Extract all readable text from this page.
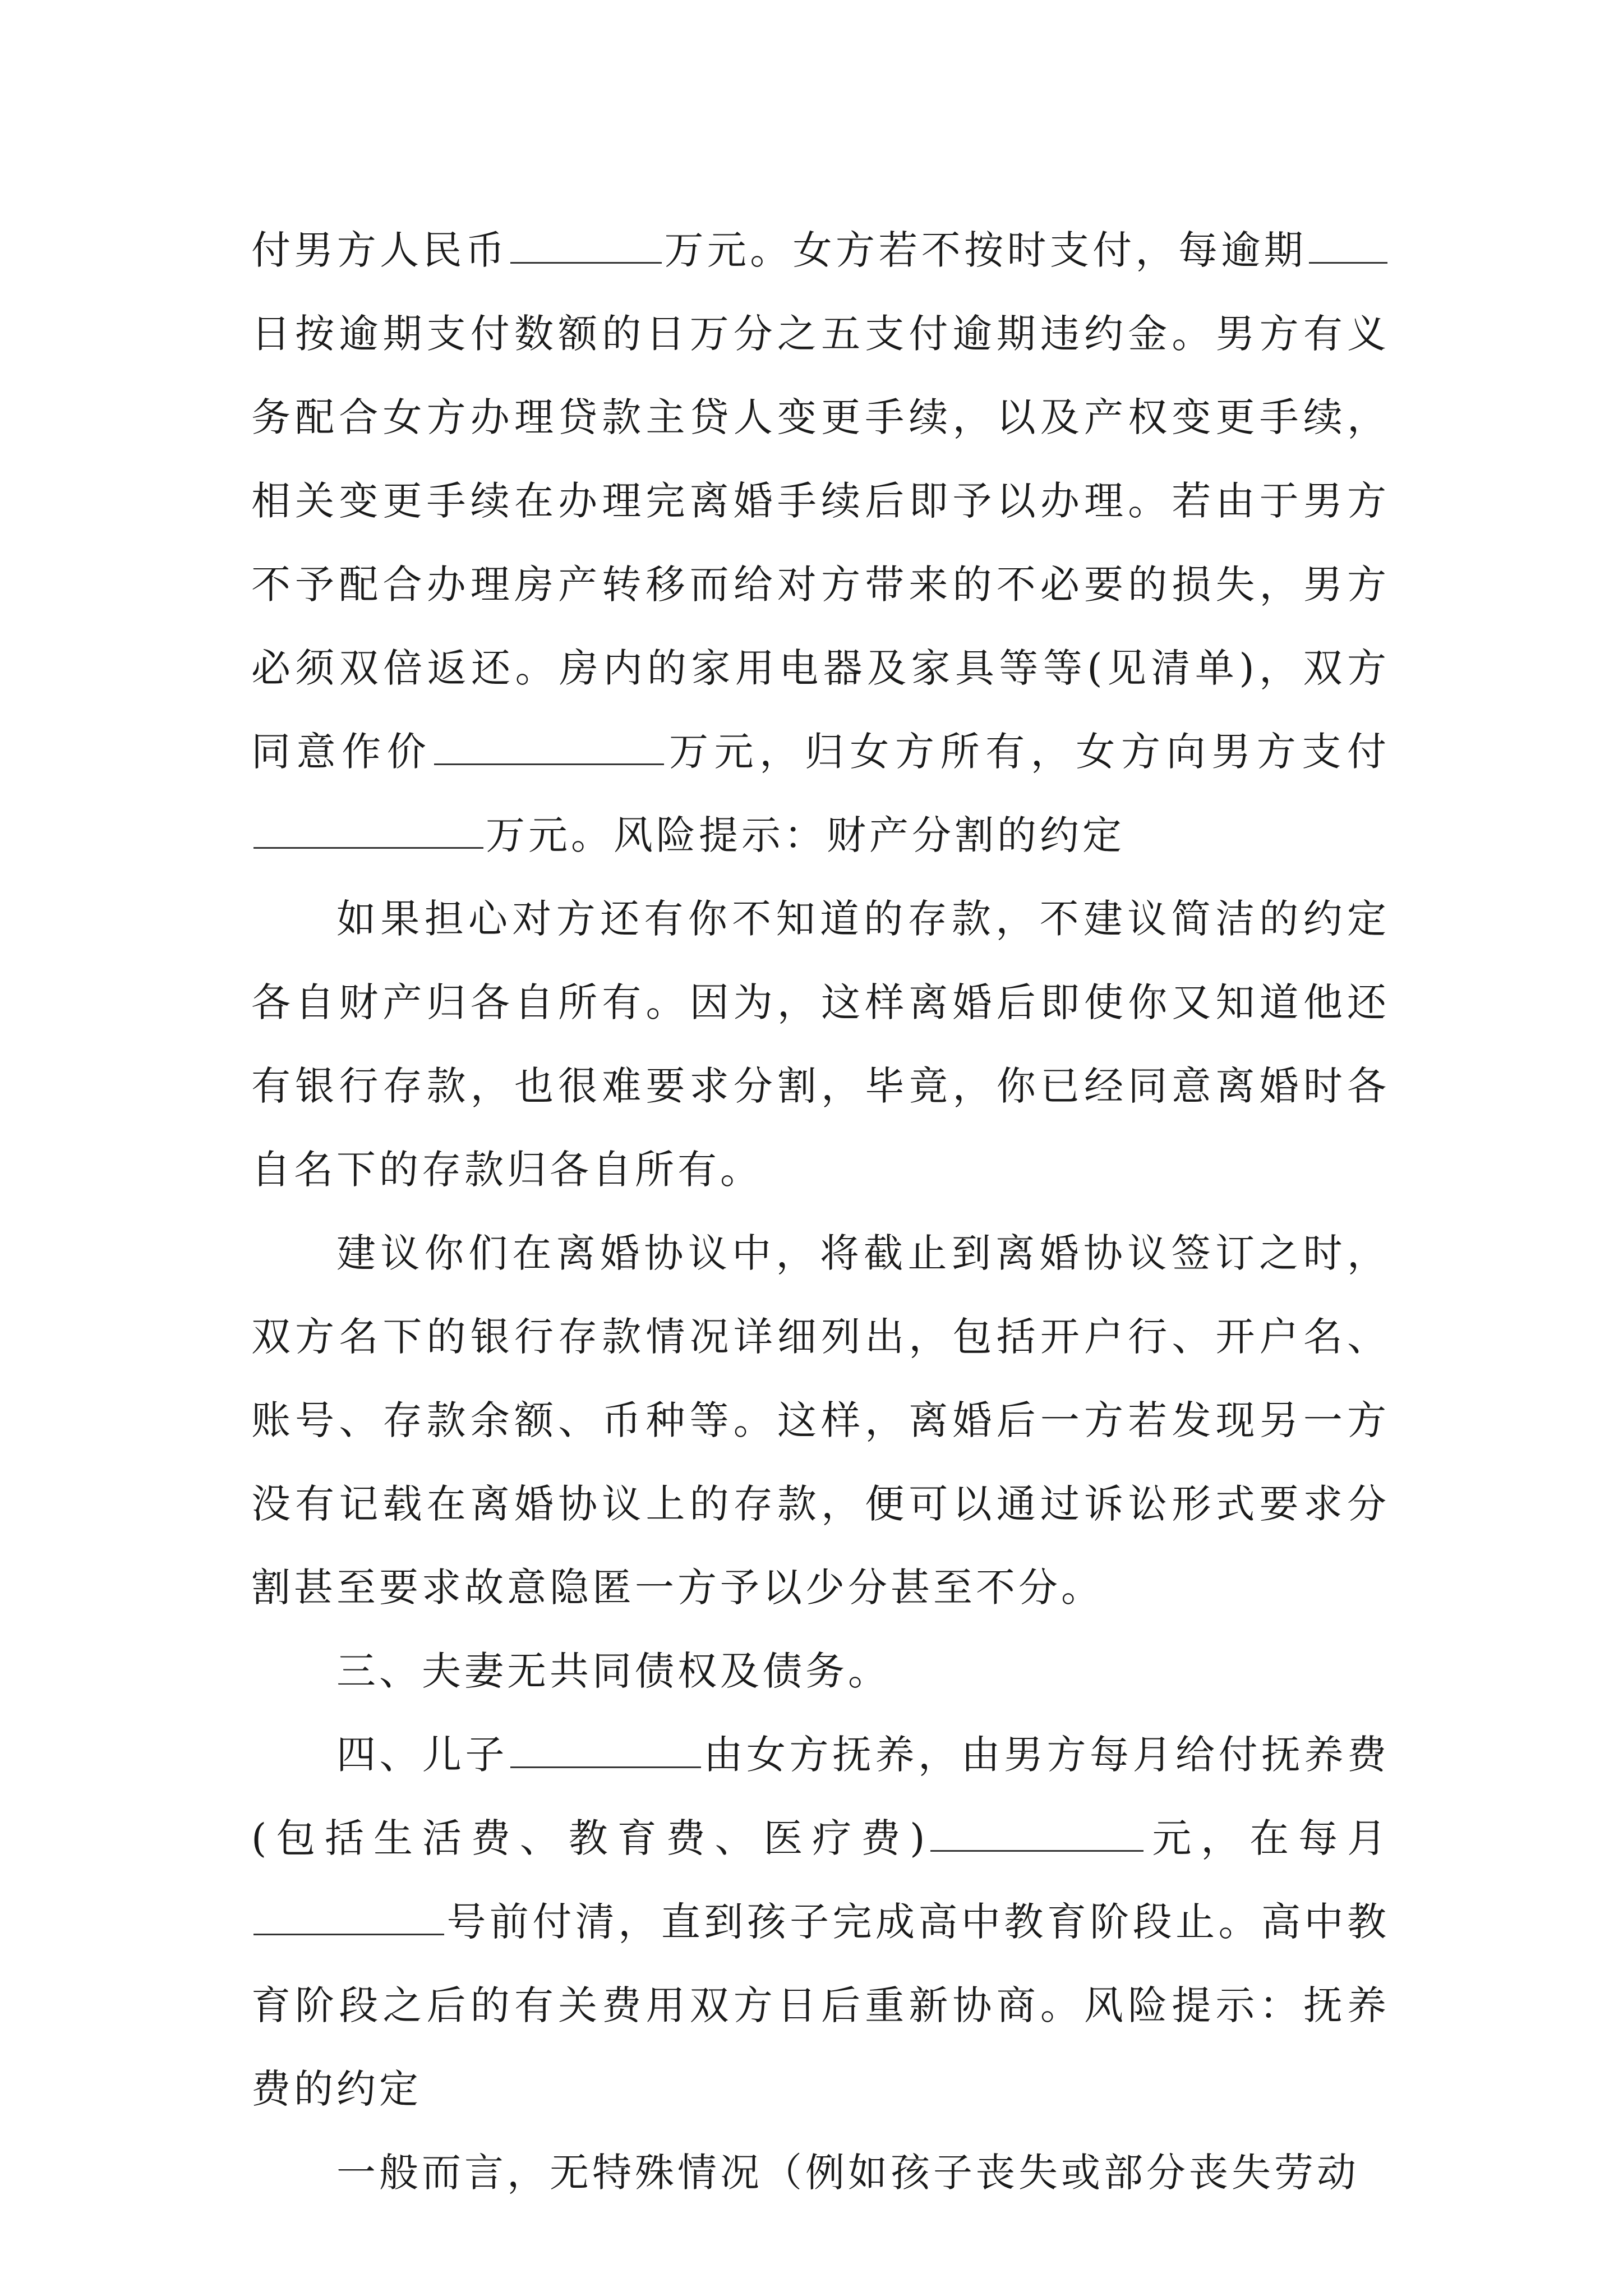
付男方人民币	万元。女方若不按时支付，每逾期日按逾期支付数额的日万分之五支付逾期违约金。男方有义务配合女方办理贷款主贷人变更手续，以及产权变更手续，相关变更手续在办理完离婚手续后即予以办理。若由于男方不予配合办理房产转移而给对方带来的不必要的损失，男方必须双倍返还。房内的家用电器及家具等等(见清单)，双方同意作价	万元，归女方所有，女方向男方支付万元。风险提示：财产分割的约定

如果担心对方还有你不知道的存款，不建议简洁的约定各自财产归各自所有。因为，这样离婚后即使你又知道他还有银行存款，也很难要求分割，毕竟，你已经同意离婚时各自名下的存款归各自所有。

建议你们在离婚协议中，将截止到离婚协议签订之时，双方名下的银行存款情况详细列出，包括开户行、开户名、账号、存款余额、币种等。这样，离婚后一方若发现另一方没有记载在离婚协议上的存款，便可以通过诉讼形式要求分割甚至要求故意隐匿一方予以少分甚至不分。

三、夫妻无共同债权及债务。

四、儿子	由女方抚养，由男方每月给付抚养费(包括生活费、教育费、医疗费)	元，在每月号前付清，直到孩子完成高中教育阶段止。高中教育阶段之后的有关费用双方日后重新协商。风险提示：抚养费的约定

一般而言，无特殊情况（例如孩子丧失或部分丧失劳动
